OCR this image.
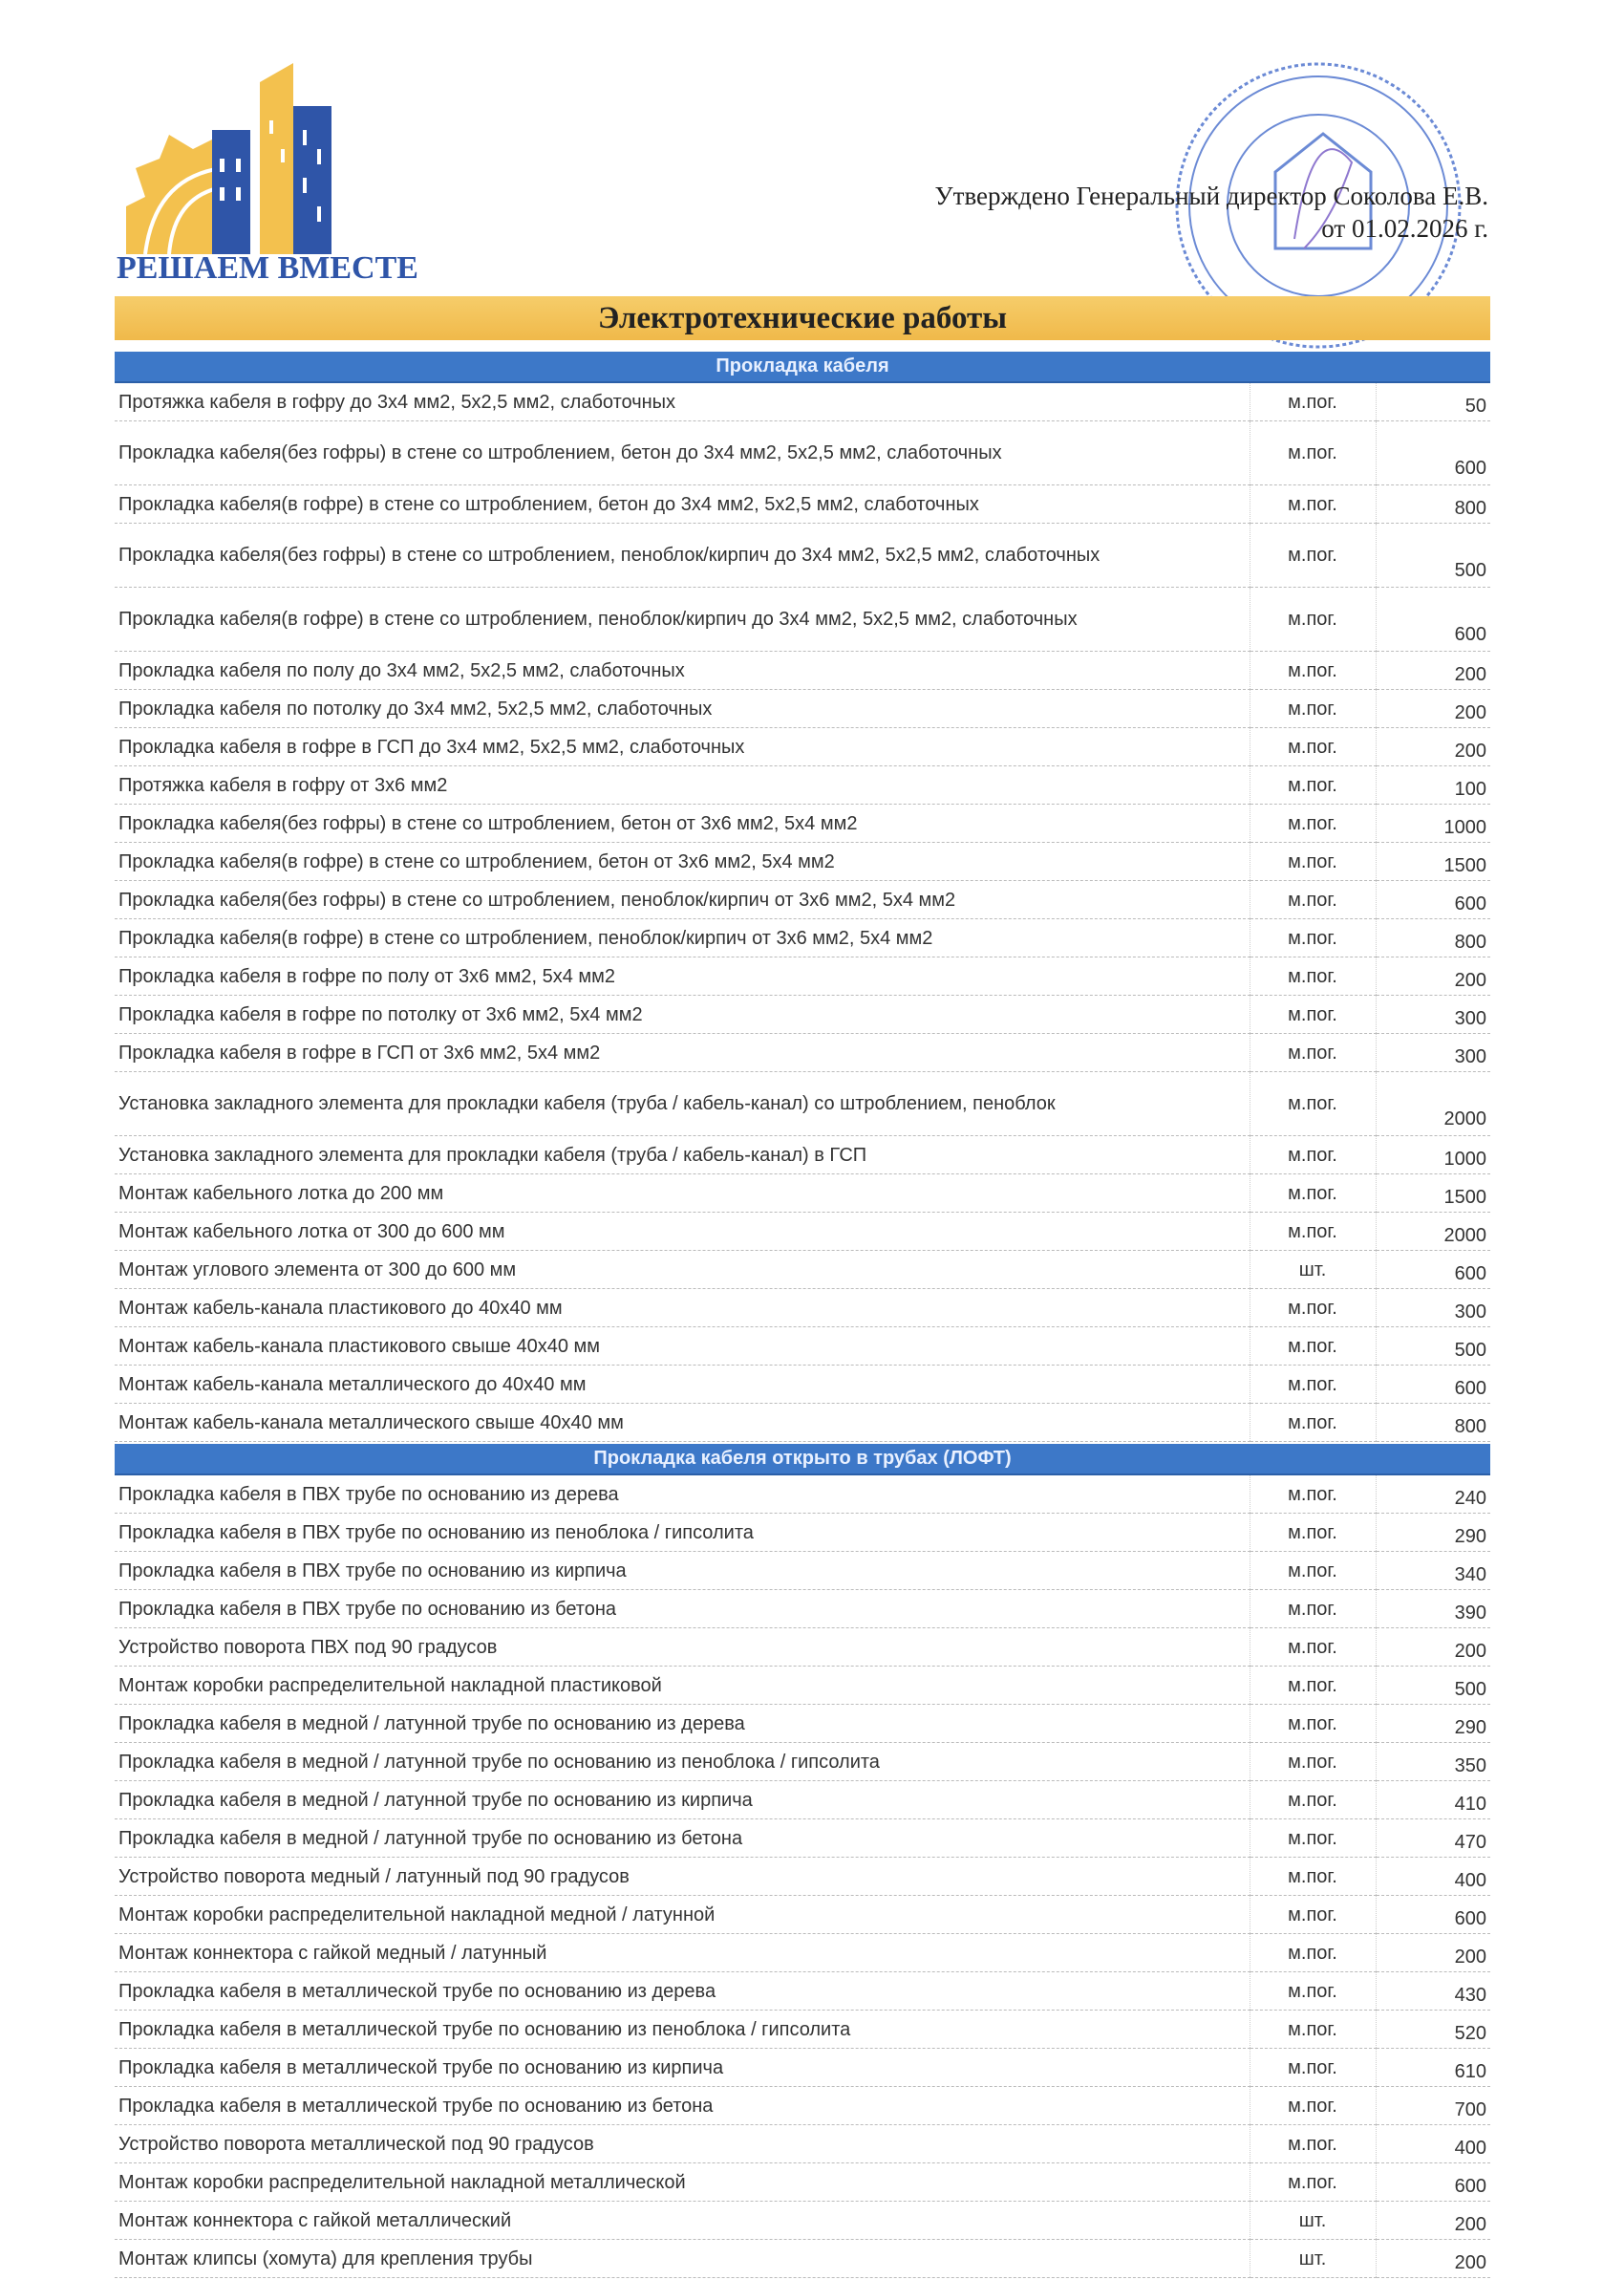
РЕШАЕМ ВМЕСТЕ
Утверждено Генеральный директор Соколова Е.В.
от 01.02.2026 г.
Электротехнические работы
Прокладка кабеля		
Протяжка кабеля в гофру до 3х4 мм2, 5х2,5 мм2, слаботочных	м.пог.	50
Прокладка кабеля(без гофры) в стене со штроблением, бетон до 3х4 мм2, 5х2,5 мм2, слаботочных	м.пог.	600
Прокладка кабеля(в гофре) в стене со штроблением, бетон до 3х4 мм2, 5х2,5 мм2, слаботочных	м.пог.	800
Прокладка кабеля(без гофры) в стене со штроблением, пеноблок/кирпич до 3х4 мм2, 5х2,5 мм2, слаботочных	м.пог.	500
Прокладка кабеля(в гофре) в стене со штроблением, пеноблок/кирпич до 3х4 мм2, 5х2,5 мм2, слаботочных	м.пог.	600
Прокладка кабеля по полу до 3х4 мм2, 5х2,5 мм2, слаботочных	м.пог.	200
Прокладка кабеля по потолку до 3х4 мм2, 5х2,5 мм2, слаботочных	м.пог.	200
Прокладка кабеля в гофре в ГСП до 3х4 мм2, 5х2,5 мм2, слаботочных	м.пог.	200
Протяжка кабеля в гофру от 3х6 мм2	м.пог.	100
Прокладка кабеля(без гофры) в стене со штроблением, бетон от 3х6 мм2, 5х4 мм2	м.пог.	1000
Прокладка кабеля(в гофре) в стене со штроблением, бетон от 3х6 мм2, 5х4 мм2	м.пог.	1500
Прокладка кабеля(без гофры) в стене со штроблением, пеноблок/кирпич от 3х6 мм2, 5х4 мм2	м.пог.	600
Прокладка кабеля(в гофре) в стене со штроблением, пеноблок/кирпич от 3х6 мм2, 5х4 мм2	м.пог.	800
Прокладка кабеля в гофре по полу от 3х6 мм2, 5х4 мм2	м.пог.	200
Прокладка кабеля в гофре по потолку от 3х6 мм2, 5х4 мм2	м.пог.	300
Прокладка кабеля в гофре в ГСП от 3х6 мм2, 5х4 мм2	м.пог.	300
Установка закладного элемента для прокладки кабеля (труба / кабель-канал) со штроблением, пеноблок	м.пог.	2000
Установка закладного элемента для прокладки кабеля (труба / кабель-канал) в ГСП	м.пог.	1000
Монтаж кабельного лотка до 200 мм	м.пог.	1500
Монтаж кабельного лотка от 300 до 600 мм	м.пог.	2000
Монтаж углового элемента от 300 до 600 мм	шт.	600
Монтаж кабель-канала пластикового до 40х40 мм	м.пог.	300
Монтаж кабель-канала пластикового свыше 40х40 мм	м.пог.	500
Монтаж кабель-канала металлического до 40х40 мм	м.пог.	600
Монтаж кабель-канала металлического свыше 40х40 мм	м.пог.	800
Прокладка кабеля открыто в трубах (ЛОФТ)		
Прокладка кабеля в ПВХ трубе по основанию из дерева	м.пог.	240
Прокладка кабеля в ПВХ трубе по основанию из пеноблока / гипсолита	м.пог.	290
Прокладка кабеля в ПВХ трубе по основанию из кирпича	м.пог.	340
Прокладка кабеля в ПВХ трубе по основанию из бетона	м.пог.	390
Устройство поворота ПВХ под 90 градусов	м.пог.	200
Монтаж коробки распределительной накладной пластиковой	м.пог.	500
Прокладка кабеля в медной / латунной трубе по основанию из дерева	м.пог.	290
Прокладка кабеля в медной / латунной трубе по основанию из пеноблока / гипсолита	м.пог.	350
Прокладка кабеля в медной / латунной трубе по основанию из кирпича	м.пог.	410
Прокладка кабеля в медной / латунной трубе по основанию из бетона	м.пог.	470
Устройство поворота медный / латунный под 90 градусов	м.пог.	400
Монтаж коробки распределительной накладной медной / латунной	м.пог.	600
Монтаж коннектора с гайкой медный / латунный	м.пог.	200
Прокладка кабеля в металлической трубе по основанию из дерева	м.пог.	430
Прокладка кабеля в металлической трубе по основанию из пеноблока / гипсолита	м.пог.	520
Прокладка кабеля в металлической трубе по основанию из кирпича	м.пог.	610
Прокладка кабеля в металлической трубе по основанию из бетона	м.пог.	700
Устройство поворота металлической под 90 градусов	м.пог.	400
Монтаж коробки распределительной накладной металлической	м.пог.	600
Монтаж коннектора с гайкой металлический	шт.	200
Монтаж клипсы (хомута) для крепления трубы	шт.	200
